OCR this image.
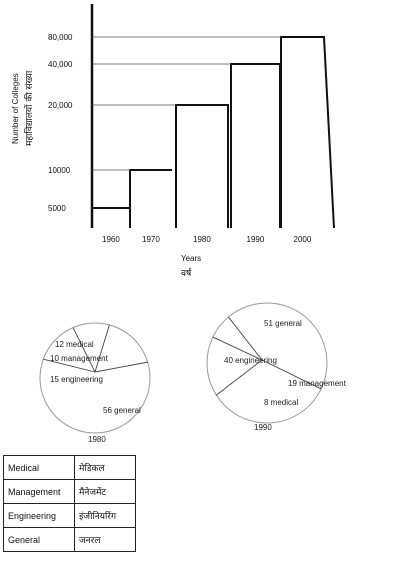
5000
10000
20,000
40,000
80,000
1960	1970	1980	1990	2000
Number of Colleges महाविद्यालयों की संख्या
Years
वर्ष
12 medical
10 management
15 engineering
56 general
1980
51 general
40 engineering
19 management
8 medical
1990
Medical	मेडिकल
Management	मैनेजमेंट
Engineering	इंजीनियरिंग
General	जनरल
